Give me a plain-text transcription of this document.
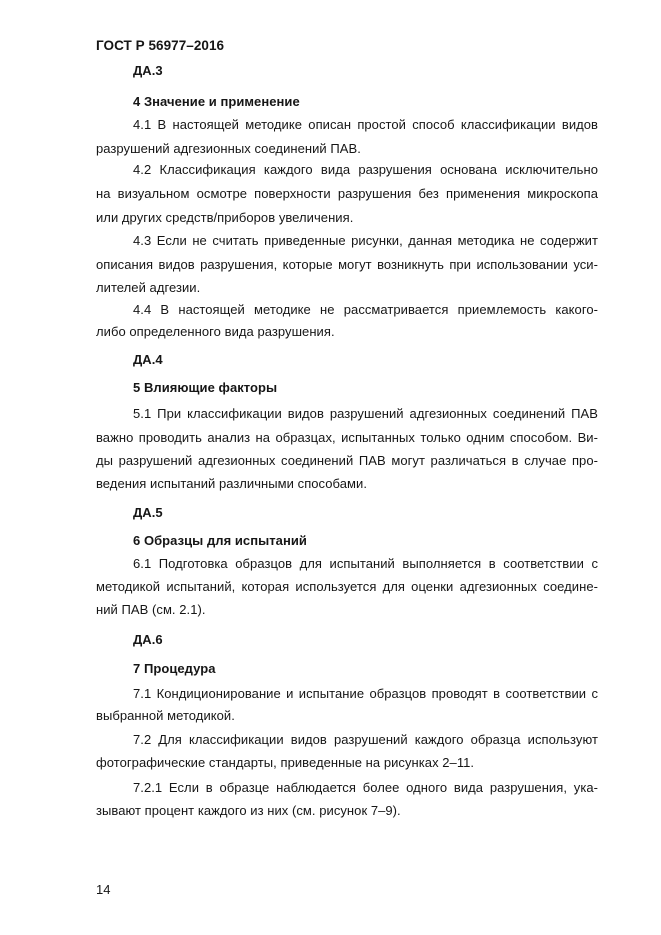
ГОСТ Р 56977–2016
ДА.3
4 Значение и применение
4.1 В настоящей методике описан простой способ классификации видов
разрушений адгезионных соединений ПАВ.
4.2 Классификация каждого вида разрушения основана исключительно
на визуальном осмотре поверхности разрушения без применения микроскопа
или других средств/приборов увеличения.
4.3 Если не считать приведенные рисунки, данная методика не содержит
описания видов разрушения, которые могут возникнуть при использовании уси-
лителей адгезии.
4.4 В настоящей методике не рассматривается приемлемость какого-
либо определенного вида разрушения.
ДА.4
5 Влияющие факторы
5.1 При классификации видов разрушений адгезионных соединений ПАВ
важно проводить анализ на образцах, испытанных только одним способом. Ви-
ды разрушений адгезионных соединений ПАВ могут различаться в случае про-
ведения испытаний различными способами.
ДА.5
6 Образцы для испытаний
6.1 Подготовка образцов для испытаний выполняется в соответствии с
методикой испытаний, которая используется для оценки адгезионных соедине-
ний ПАВ (см. 2.1).
ДА.6
7 Процедура
7.1 Кондиционирование и испытание образцов проводят в соответствии с
выбранной методикой.
7.2 Для классификации видов разрушений каждого образца используют
фотографические стандарты, приведенные на рисунках 2–11.
7.2.1 Если в образце наблюдается более одного вида разрушения, ука-
зывают процент каждого из них (см. рисунок 7–9).
14
